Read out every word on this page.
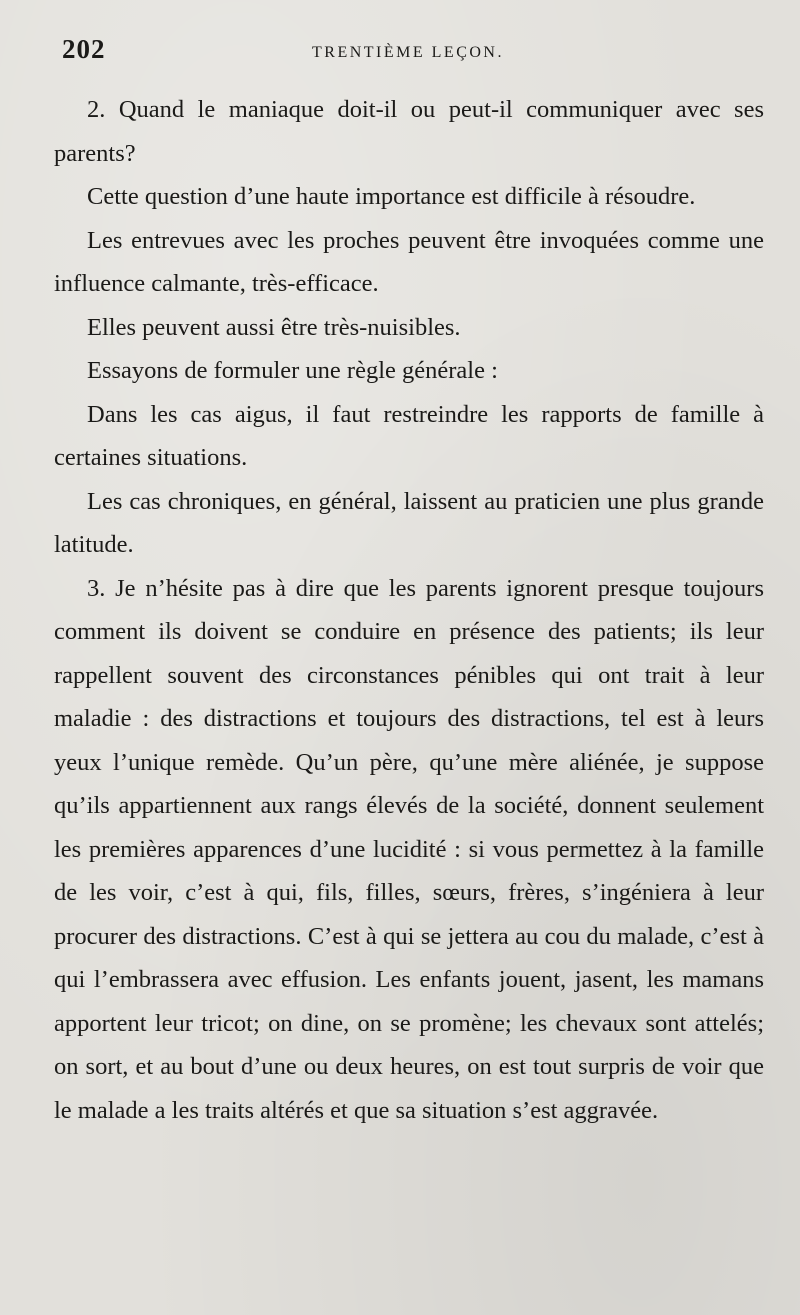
202	TRENTIÈME LEÇON.

2. Quand le maniaque doit-il ou peut-il communiquer avec ses parents?

Cette question d’une haute importance est difficile à résoudre.

Les entrevues avec les proches peuvent être invoquées comme une influence calmante, très-efficace.

Elles peuvent aussi être très-nuisibles.

Essayons de formuler une règle générale :

Dans les cas aigus, il faut restreindre les rapports de famille à certaines situations.

Les cas chroniques, en général, laissent au praticien une plus grande latitude.

3. Je n’hésite pas à dire que les parents ignorent presque toujours comment ils doivent se conduire en présence des patients; ils leur rappellent souvent des circonstances pénibles qui ont trait à leur maladie : des distractions et toujours des distractions, tel est à leurs yeux l’unique remède. Qu’un père, qu’une mère aliénée, je suppose qu’ils appartiennent aux rangs élevés de la société, donnent seulement les premières apparences d’une lucidité : si vous permettez à la famille de les voir, c’est à qui, fils, filles, sœurs, frères, s’ingéniera à leur procurer des distractions. C’est à qui se jettera au cou du malade, c’est à qui l’embrassera avec effusion. Les enfants jouent, jasent, les mamans apportent leur tricot; on dine, on se promène; les chevaux sont attelés; on sort, et au bout d’une ou deux heures, on est tout surpris de voir que le malade a les traits altérés et que sa situation s’est aggravée.
